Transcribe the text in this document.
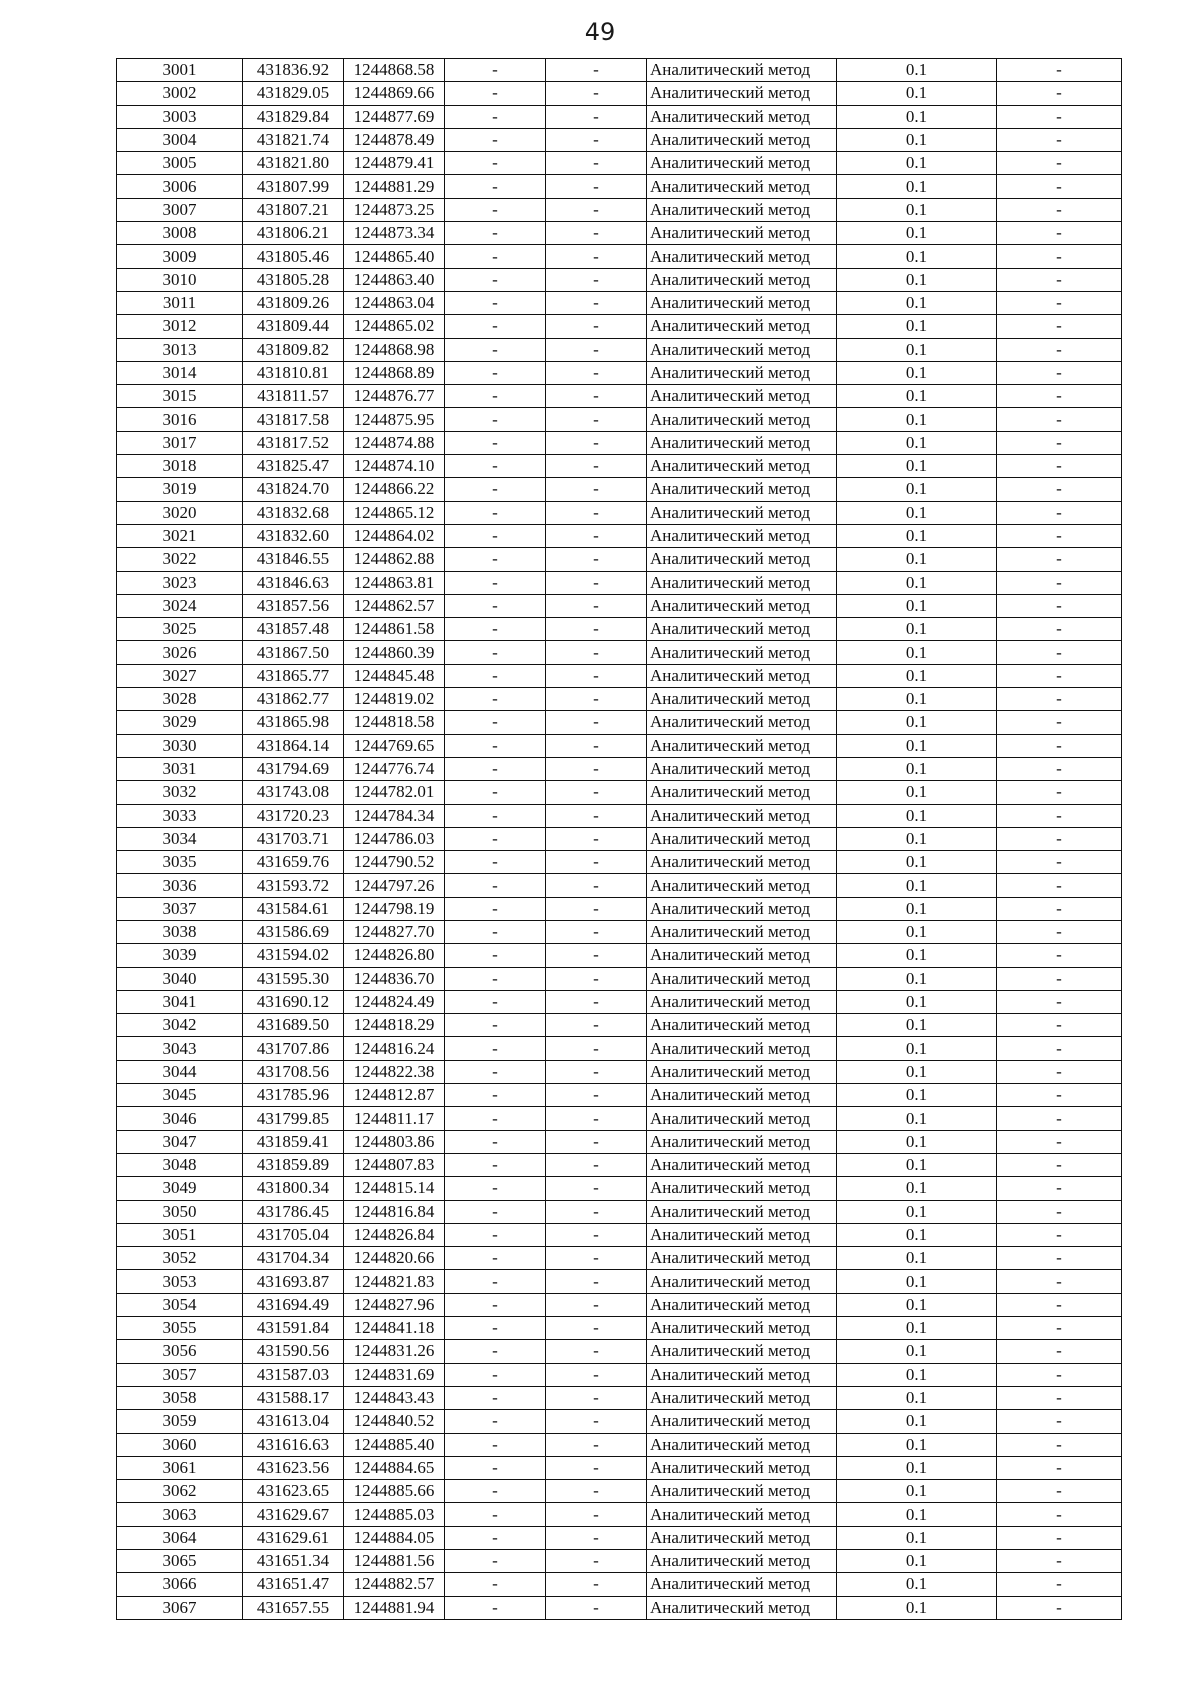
49
3001	431836.92	1244868.58	-	-	Аналитический метод	0.1	-
3002	431829.05	1244869.66	-	-	Аналитический метод	0.1	-
3003	431829.84	1244877.69	-	-	Аналитический метод	0.1	-
3004	431821.74	1244878.49	-	-	Аналитический метод	0.1	-
3005	431821.80	1244879.41	-	-	Аналитический метод	0.1	-
3006	431807.99	1244881.29	-	-	Аналитический метод	0.1	-
3007	431807.21	1244873.25	-	-	Аналитический метод	0.1	-
3008	431806.21	1244873.34	-	-	Аналитический метод	0.1	-
3009	431805.46	1244865.40	-	-	Аналитический метод	0.1	-
3010	431805.28	1244863.40	-	-	Аналитический метод	0.1	-
3011	431809.26	1244863.04	-	-	Аналитический метод	0.1	-
3012	431809.44	1244865.02	-	-	Аналитический метод	0.1	-
3013	431809.82	1244868.98	-	-	Аналитический метод	0.1	-
3014	431810.81	1244868.89	-	-	Аналитический метод	0.1	-
3015	431811.57	1244876.77	-	-	Аналитический метод	0.1	-
3016	431817.58	1244875.95	-	-	Аналитический метод	0.1	-
3017	431817.52	1244874.88	-	-	Аналитический метод	0.1	-
3018	431825.47	1244874.10	-	-	Аналитический метод	0.1	-
3019	431824.70	1244866.22	-	-	Аналитический метод	0.1	-
3020	431832.68	1244865.12	-	-	Аналитический метод	0.1	-
3021	431832.60	1244864.02	-	-	Аналитический метод	0.1	-
3022	431846.55	1244862.88	-	-	Аналитический метод	0.1	-
3023	431846.63	1244863.81	-	-	Аналитический метод	0.1	-
3024	431857.56	1244862.57	-	-	Аналитический метод	0.1	-
3025	431857.48	1244861.58	-	-	Аналитический метод	0.1	-
3026	431867.50	1244860.39	-	-	Аналитический метод	0.1	-
3027	431865.77	1244845.48	-	-	Аналитический метод	0.1	-
3028	431862.77	1244819.02	-	-	Аналитический метод	0.1	-
3029	431865.98	1244818.58	-	-	Аналитический метод	0.1	-
3030	431864.14	1244769.65	-	-	Аналитический метод	0.1	-
3031	431794.69	1244776.74	-	-	Аналитический метод	0.1	-
3032	431743.08	1244782.01	-	-	Аналитический метод	0.1	-
3033	431720.23	1244784.34	-	-	Аналитический метод	0.1	-
3034	431703.71	1244786.03	-	-	Аналитический метод	0.1	-
3035	431659.76	1244790.52	-	-	Аналитический метод	0.1	-
3036	431593.72	1244797.26	-	-	Аналитический метод	0.1	-
3037	431584.61	1244798.19	-	-	Аналитический метод	0.1	-
3038	431586.69	1244827.70	-	-	Аналитический метод	0.1	-
3039	431594.02	1244826.80	-	-	Аналитический метод	0.1	-
3040	431595.30	1244836.70	-	-	Аналитический метод	0.1	-
3041	431690.12	1244824.49	-	-	Аналитический метод	0.1	-
3042	431689.50	1244818.29	-	-	Аналитический метод	0.1	-
3043	431707.86	1244816.24	-	-	Аналитический метод	0.1	-
3044	431708.56	1244822.38	-	-	Аналитический метод	0.1	-
3045	431785.96	1244812.87	-	-	Аналитический метод	0.1	-
3046	431799.85	1244811.17	-	-	Аналитический метод	0.1	-
3047	431859.41	1244803.86	-	-	Аналитический метод	0.1	-
3048	431859.89	1244807.83	-	-	Аналитический метод	0.1	-
3049	431800.34	1244815.14	-	-	Аналитический метод	0.1	-
3050	431786.45	1244816.84	-	-	Аналитический метод	0.1	-
3051	431705.04	1244826.84	-	-	Аналитический метод	0.1	-
3052	431704.34	1244820.66	-	-	Аналитический метод	0.1	-
3053	431693.87	1244821.83	-	-	Аналитический метод	0.1	-
3054	431694.49	1244827.96	-	-	Аналитический метод	0.1	-
3055	431591.84	1244841.18	-	-	Аналитический метод	0.1	-
3056	431590.56	1244831.26	-	-	Аналитический метод	0.1	-
3057	431587.03	1244831.69	-	-	Аналитический метод	0.1	-
3058	431588.17	1244843.43	-	-	Аналитический метод	0.1	-
3059	431613.04	1244840.52	-	-	Аналитический метод	0.1	-
3060	431616.63	1244885.40	-	-	Аналитический метод	0.1	-
3061	431623.56	1244884.65	-	-	Аналитический метод	0.1	-
3062	431623.65	1244885.66	-	-	Аналитический метод	0.1	-
3063	431629.67	1244885.03	-	-	Аналитический метод	0.1	-
3064	431629.61	1244884.05	-	-	Аналитический метод	0.1	-
3065	431651.34	1244881.56	-	-	Аналитический метод	0.1	-
3066	431651.47	1244882.57	-	-	Аналитический метод	0.1	-
3067	431657.55	1244881.94	-	-	Аналитический метод	0.1	-
